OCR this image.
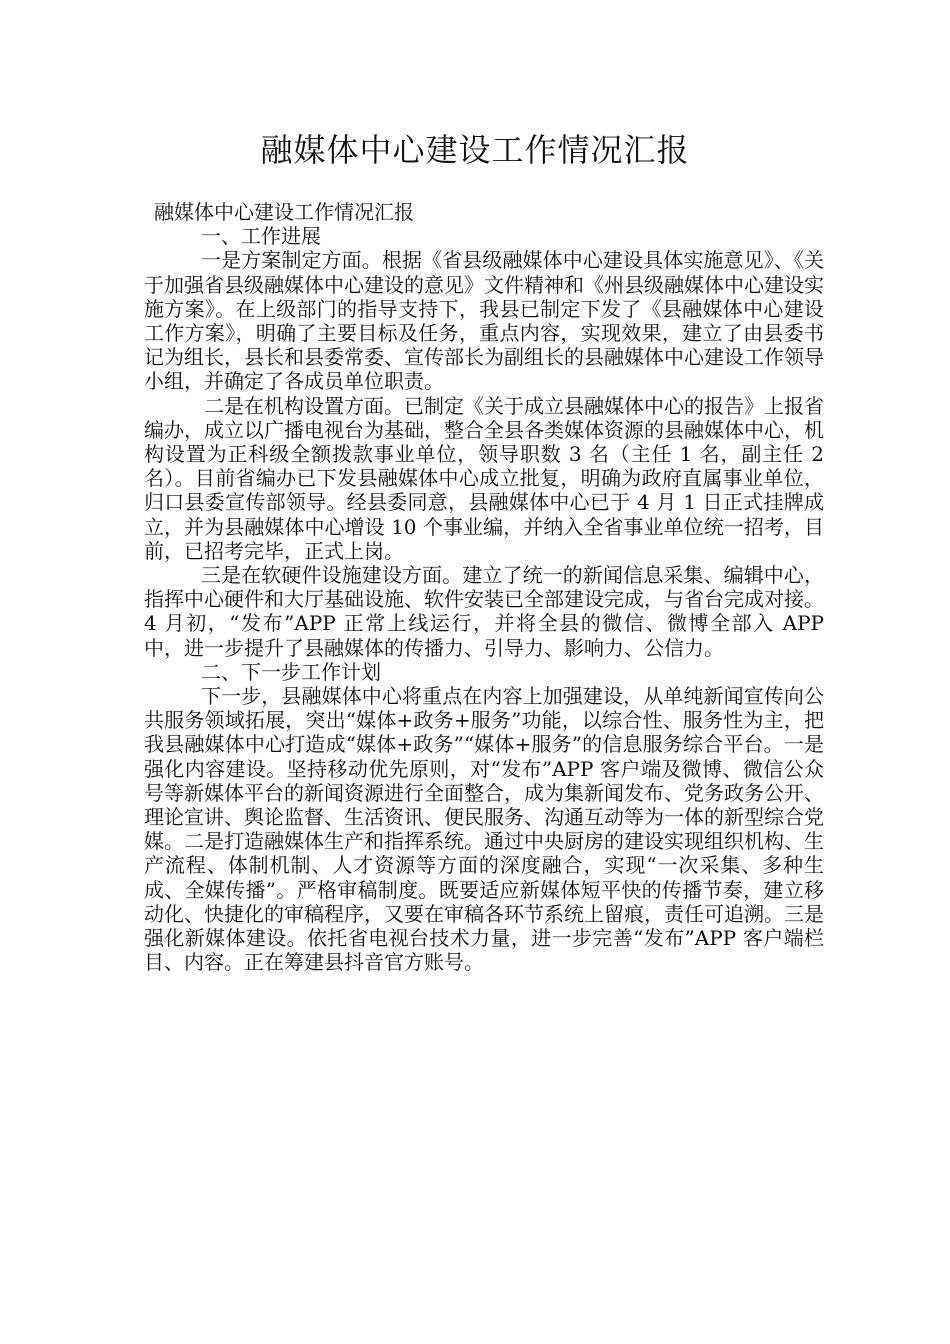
融媒体中心建设工作情况汇报

融媒体中心建设工作情况汇报

一、工作进展

一是方案制定方面。根据《省县级融媒体中心建设具体实施意见》、《关于加强省县级融媒体中心建设的意见》文件精神和《州县级融媒体中心建设实施方案》。在上级部门的指导支持下，我县已制定下发了《县融媒体中心建设工作方案》，明确了主要目标及任务，重点内容，实现效果，建立了由县委书记为组长，县长和县委常委、宣传部长为副组长的县融媒体中心建设工作领导小组，并确定了各成员单位职责。

二是在机构设置方面。已制定《关于成立县融媒体中心的报告》上报省编办，成立以广播电视台为基础，整合全县各类媒体资源的县融媒体中心，机构设置为正科级全额拨款事业单位，领导职数 3 名（主任 1 名，副主任 2 名）。目前省编办已下发县融媒体中心成立批复，明确为政府直属事业单位，归口县委宣传部领导。经县委同意，县融媒体中心已于 4 月 1 日正式挂牌成立，并为县融媒体中心增设 10 个事业编，并纳入全省事业单位统一招考，目前，已招考完毕，正式上岗。

三是在软硬件设施建设方面。建立了统一的新闻信息采集、编辑中心，指挥中心硬件和大厅基础设施、软件安装已全部建设完成，与省台完成对接。4 月初，“发布”APP 正常上线运行，并将全县的微信、微博全部入 APP 中，进一步提升了县融媒体的传播力、引导力、影响力、公信力。

二、下一步工作计划

下一步，县融媒体中心将重点在内容上加强建设，从单纯新闻宣传向公共服务领域拓展，突出“媒体+政务+服务”功能，以综合性、服务性为主，把我县融媒体中心打造成“媒体+政务”“媒体+服务”的信息服务综合平台。一是强化内容建设。坚持移动优先原则，对“发布”APP 客户端及微博、微信公众号等新媒体平台的新闻资源进行全面整合，成为集新闻发布、党务政务公开、理论宣讲、舆论监督、生活资讯、便民服务、沟通互动等为一体的新型综合党媒。二是打造融媒体生产和指挥系统。通过中央厨房的建设实现组织机构、生产流程、体制机制、人才资源等方面的深度融合，实现“一次采集、多种生成、全媒传播”。严格审稿制度。既要适应新媒体短平快的传播节奏，建立移动化、快捷化的审稿程序，又要在审稿各环节系统上留痕，责任可追溯。三是强化新媒体建设。依托省电视台技术力量，进一步完善“发布”APP 客户端栏目、内容。正在筹建县抖音官方账号。
